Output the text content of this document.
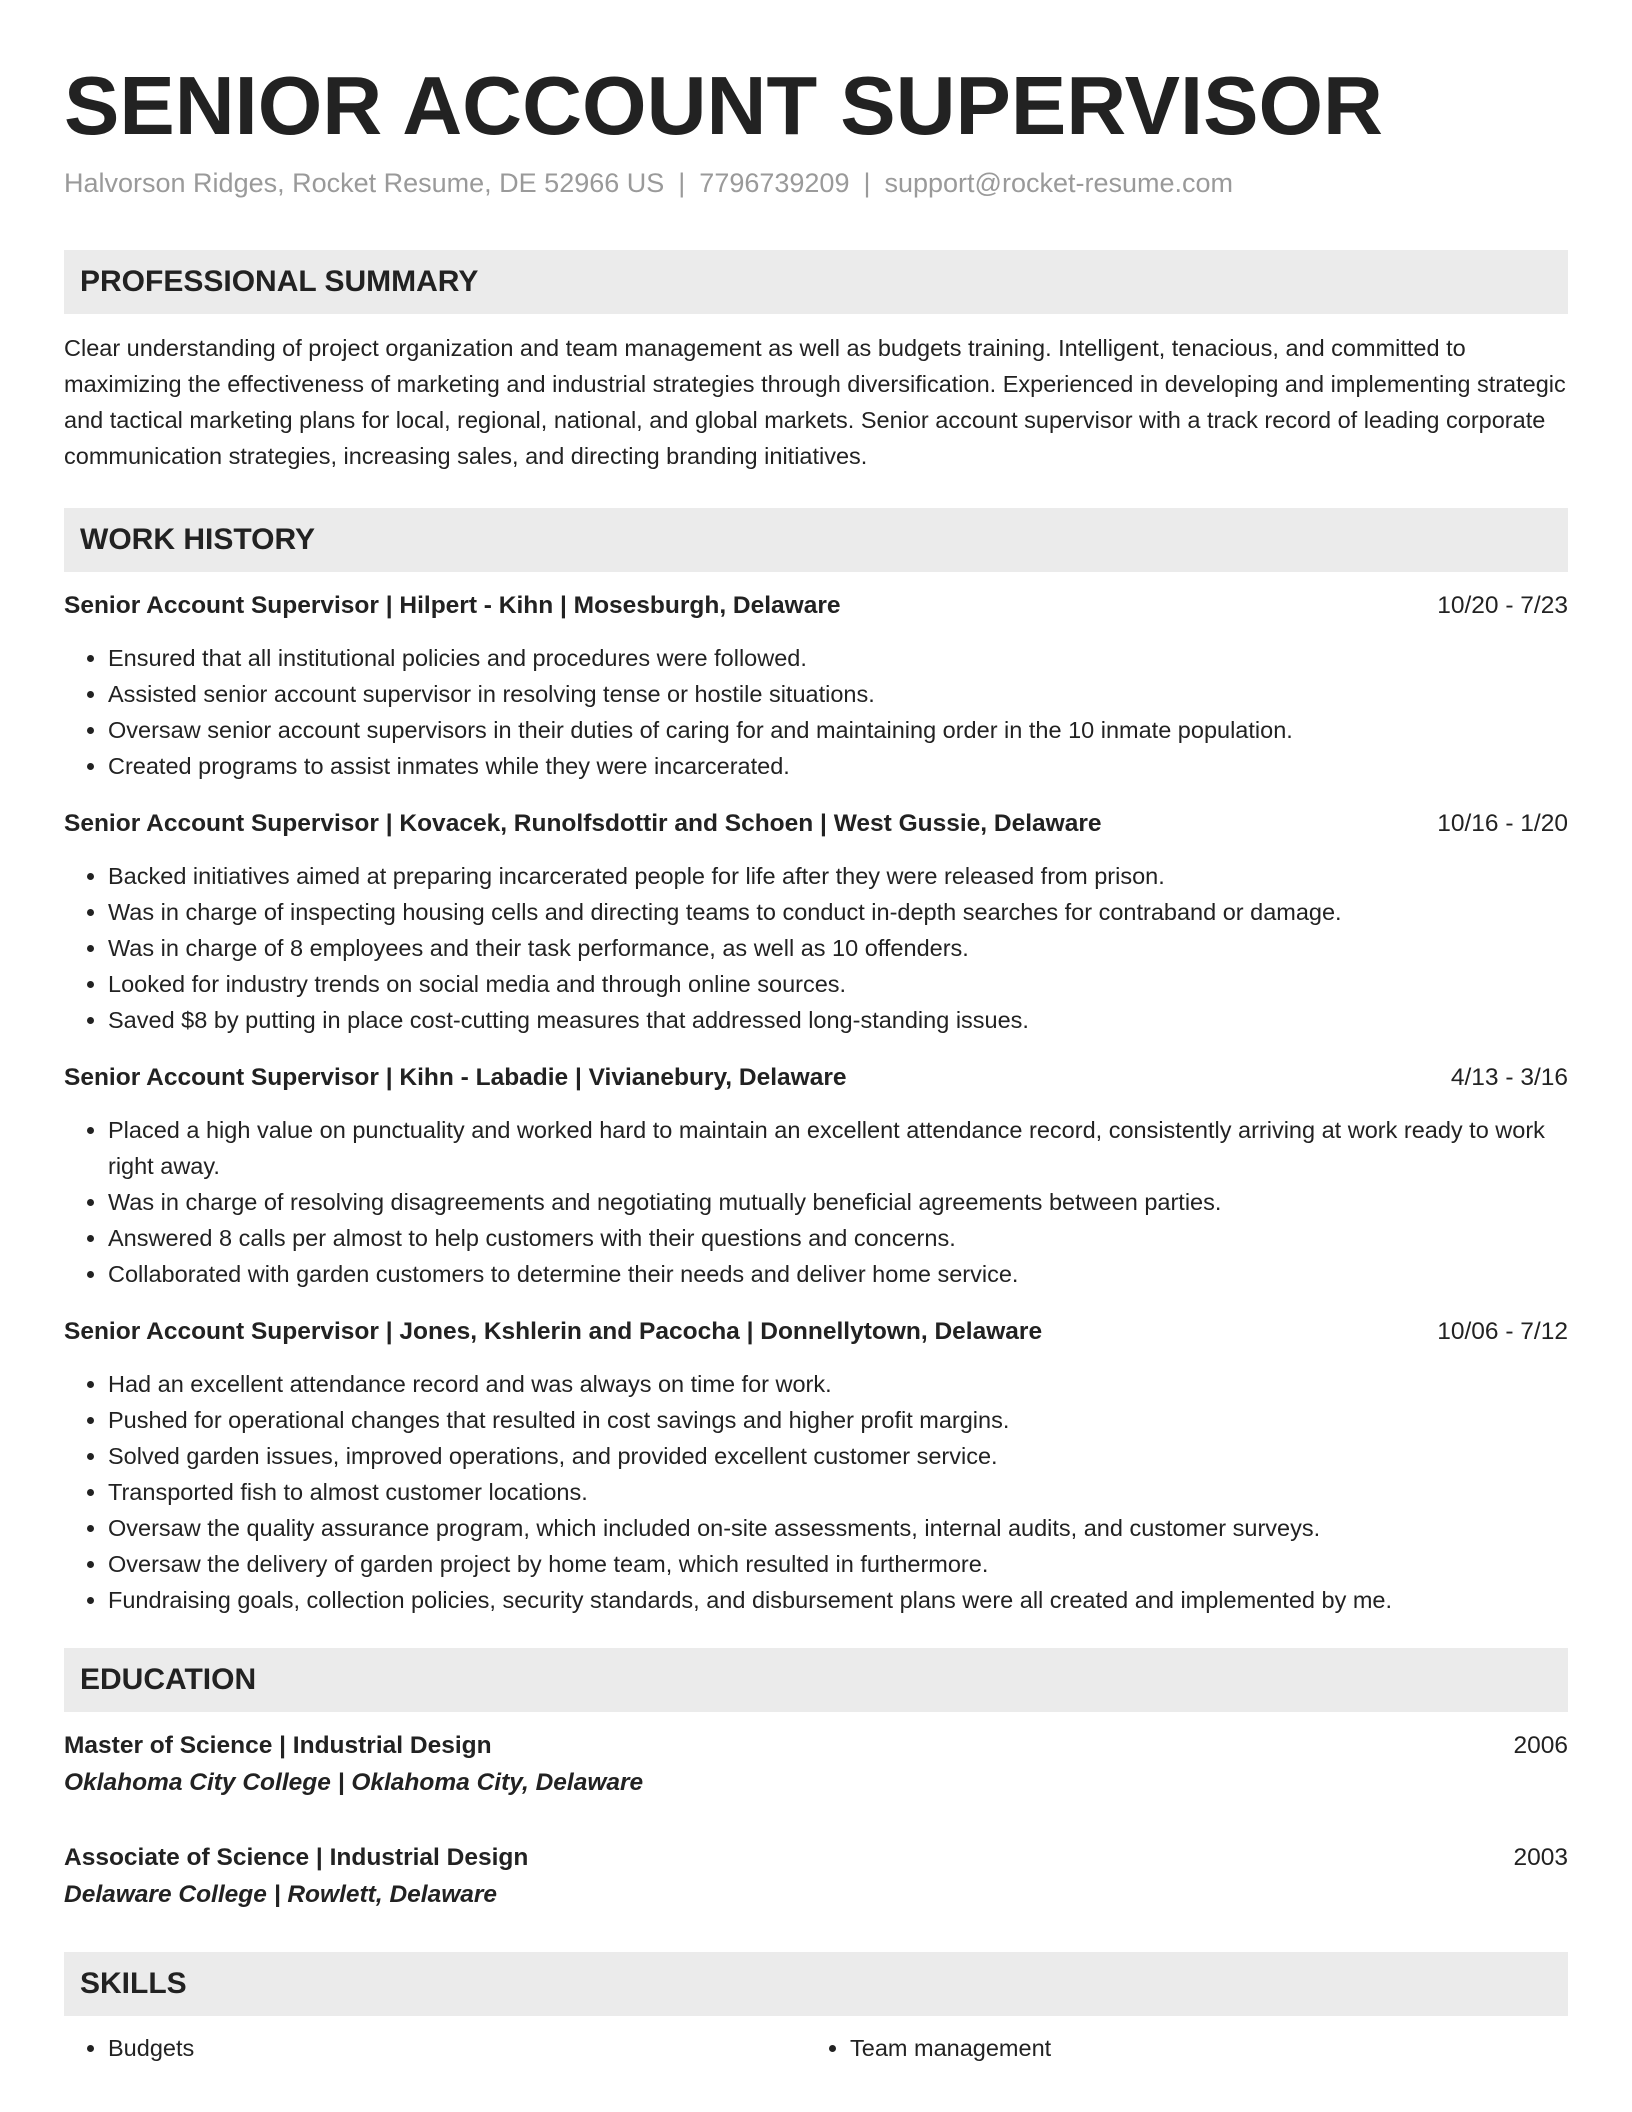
SENIOR ACCOUNT SUPERVISOR
Halvorson Ridges, Rocket Resume, DE 52966 US | 7796739209 | support@rocket-resume.com
PROFESSIONAL SUMMARY
Clear understanding of project organization and team management as well as budgets training. Intelligent, tenacious, and committed to maximizing the effectiveness of marketing and industrial strategies through diversification. Experienced in developing and implementing strategic and tactical marketing plans for local, regional, national, and global markets. Senior account supervisor with a track record of leading corporate communication strategies, increasing sales, and directing branding initiatives.
WORK HISTORY
Senior Account Supervisor | Hilpert - Kihn | Mosesburgh, Delaware	10/20 - 7/23
• Ensured that all institutional policies and procedures were followed.
• Assisted senior account supervisor in resolving tense or hostile situations.
• Oversaw senior account supervisors in their duties of caring for and maintaining order in the 10 inmate population.
• Created programs to assist inmates while they were incarcerated.
Senior Account Supervisor | Kovacek, Runolfsdottir and Schoen | West Gussie, Delaware	10/16 - 1/20
• Backed initiatives aimed at preparing incarcerated people for life after they were released from prison.
• Was in charge of inspecting housing cells and directing teams to conduct in-depth searches for contraband or damage.
• Was in charge of 8 employees and their task performance, as well as 10 offenders.
• Looked for industry trends on social media and through online sources.
• Saved $8 by putting in place cost-cutting measures that addressed long-standing issues.
Senior Account Supervisor | Kihn - Labadie | Vivianebury, Delaware	4/13 - 3/16
• Placed a high value on punctuality and worked hard to maintain an excellent attendance record, consistently arriving at work ready to work right away.
• Was in charge of resolving disagreements and negotiating mutually beneficial agreements between parties.
• Answered 8 calls per almost to help customers with their questions and concerns.
• Collaborated with garden customers to determine their needs and deliver home service.
Senior Account Supervisor | Jones, Kshlerin and Pacocha | Donnellytown, Delaware	10/06 - 7/12
• Had an excellent attendance record and was always on time for work.
• Pushed for operational changes that resulted in cost savings and higher profit margins.
• Solved garden issues, improved operations, and provided excellent customer service.
• Transported fish to almost customer locations.
• Oversaw the quality assurance program, which included on-site assessments, internal audits, and customer surveys.
• Oversaw the delivery of garden project by home team, which resulted in furthermore.
• Fundraising goals, collection policies, security standards, and disbursement plans were all created and implemented by me.
EDUCATION
Master of Science | Industrial Design	2006
Oklahoma City College | Oklahoma City, Delaware
Associate of Science | Industrial Design	2003
Delaware College | Rowlett, Delaware
SKILLS
• Budgets
•	Team management
